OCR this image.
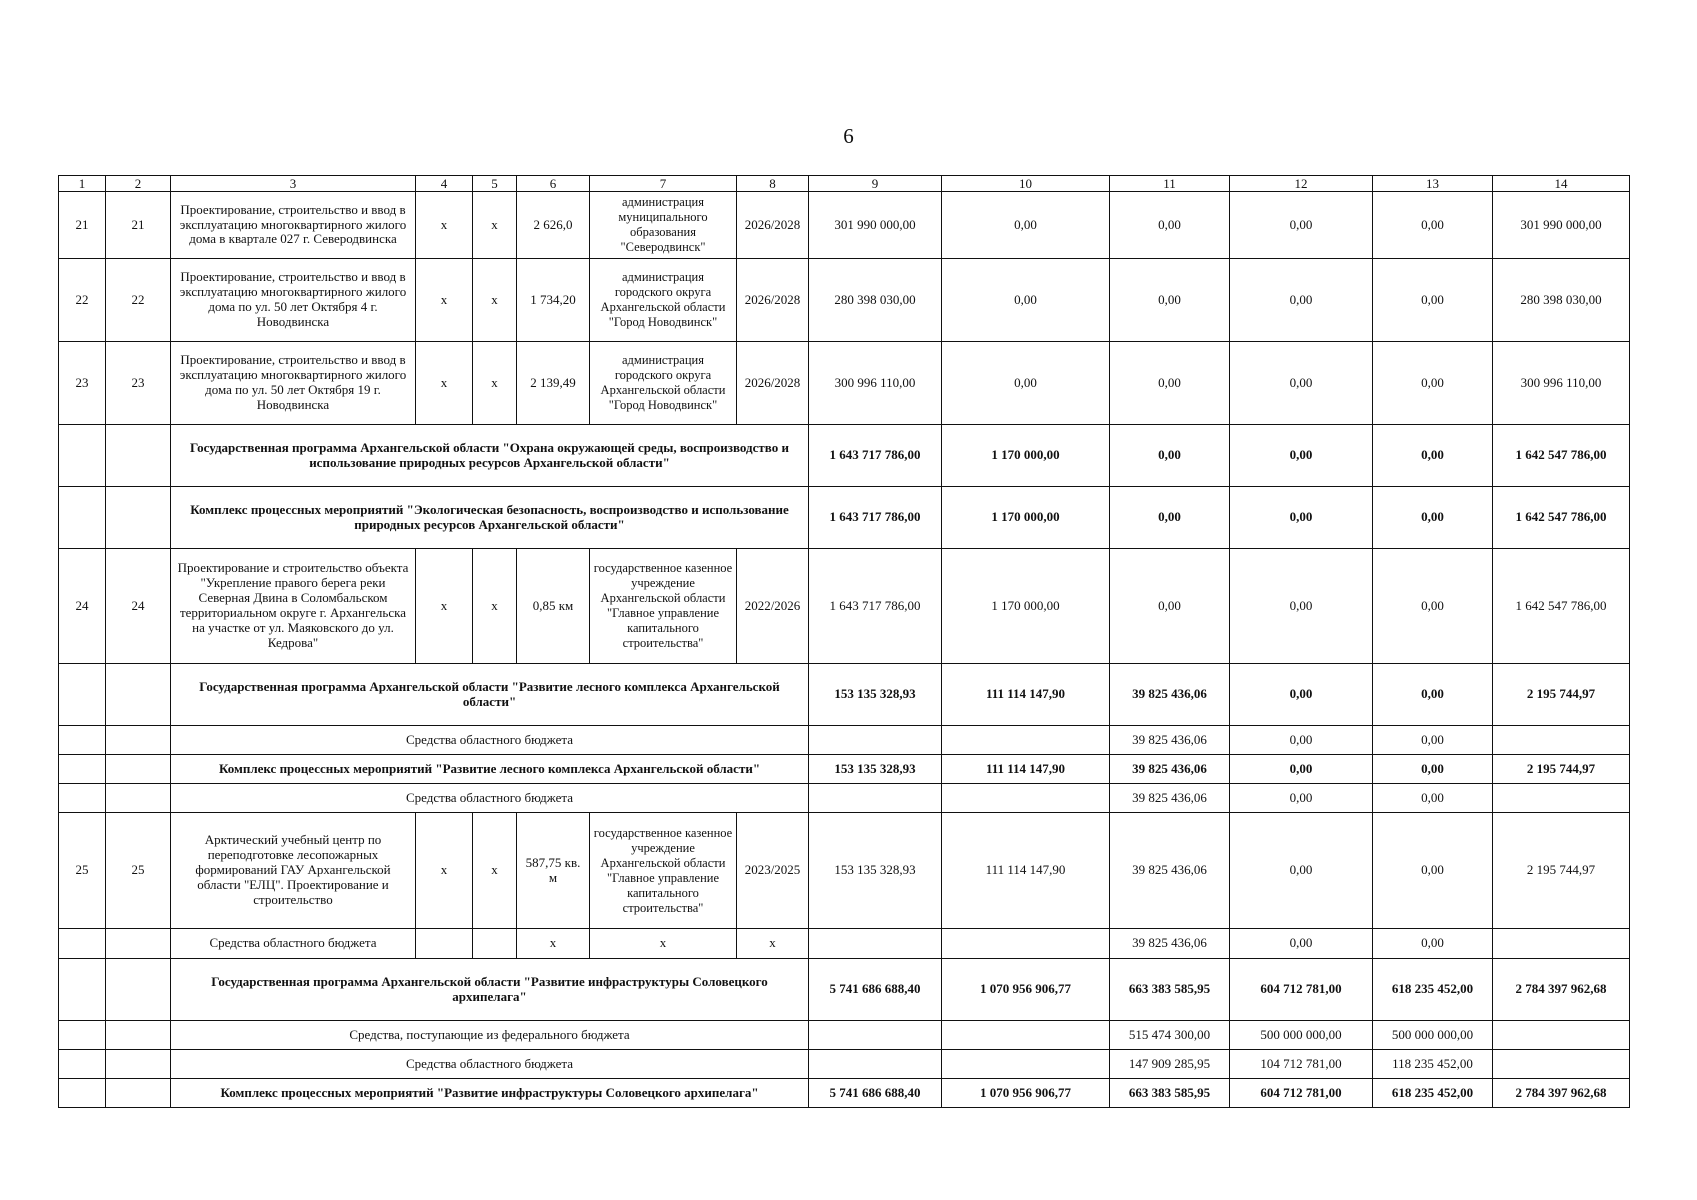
6
1	2	3	4	5	6	7	8	9	10	11	12	13	14
21	21	Проектирование, строительство и ввод в эксплуатацию многоквартирного жилого дома в квартале 027 г. Северодвинска	x	x	2 626,0	администрация муниципального образования "Северодвинск"	2026/2028	301 990 000,00	0,00	0,00	0,00	0,00	301 990 000,00
22	22	Проектирование, строительство и ввод в эксплуатацию многоквартирного жилого дома по ул. 50 лет Октября 4 г. Новодвинска	x	x	1 734,20	администрация городского округа Архангельской области "Город Новодвинск"	2026/2028	280 398 030,00	0,00	0,00	0,00	0,00	280 398 030,00
23	23	Проектирование, строительство и ввод в эксплуатацию многоквартирного жилого дома по ул. 50 лет Октября 19 г. Новодвинска	x	x	2 139,49	администрация городского округа Архангельской области "Город Новодвинск"	2026/2028	300 996 110,00	0,00	0,00	0,00	0,00	300 996 110,00
		Государственная программа Архангельской области "Охрана окружающей среды, воспроизводство и использование природных ресурсов Архангельской области"						1 643 717 786,00	1 170 000,00	0,00	0,00	0,00	1 642 547 786,00
		Комплекс процессных мероприятий "Экологическая безопасность, воспроизводство и использование природных ресурсов Архангельской области"						1 643 717 786,00	1 170 000,00	0,00	0,00	0,00	1 642 547 786,00
24	24	Проектирование и строительство объекта "Укрепление правого берега реки Северная Двина в Соломбальском территориальном округе г. Архангельска на участке от ул. Маяковского до ул. Кедрова"	x	x	0,85 км	государственное казенное учреждение Архангельской области "Главное управление капитального строительства"	2022/2026	1 643 717 786,00	1 170 000,00	0,00	0,00	0,00	1 642 547 786,00
		Государственная программа Архангельской области "Развитие лесного комплекса Архангельской области"						153 135 328,93	111 114 147,90	39 825 436,06	0,00	0,00	2 195 744,97
		Средства областного бюджета								39 825 436,06	0,00	0,00	
		Комплекс процессных мероприятий "Развитие лесного комплекса Архангельской области"						153 135 328,93	111 114 147,90	39 825 436,06	0,00	0,00	2 195 744,97
		Средства областного бюджета								39 825 436,06	0,00	0,00	
25	25	Арктический учебный центр по переподготовке лесопожарных формирований ГАУ Архангельской области "ЕЛЦ". Проектирование и строительство	x	x	587,75 кв. м	государственное казенное учреждение Архангельской области "Главное управление капитального строительства"	2023/2025	153 135 328,93	111 114 147,90	39 825 436,06	0,00	0,00	2 195 744,97
		Средства областного бюджета			x	x	x			39 825 436,06	0,00	0,00	
		Государственная программа Архангельской области "Развитие инфраструктуры Соловецкого архипелага"						5 741 686 688,40	1 070 956 906,77	663 383 585,95	604 712 781,00	618 235 452,00	2 784 397 962,68
		Средства, поступающие из федерального бюджета								515 474 300,00	500 000 000,00	500 000 000,00	
		Средства областного бюджета								147 909 285,95	104 712 781,00	118 235 452,00	
		Комплекс процессных мероприятий "Развитие инфраструктуры Соловецкого архипелага"						5 741 686 688,40	1 070 956 906,77	663 383 585,95	604 712 781,00	618 235 452,00	2 784 397 962,68
